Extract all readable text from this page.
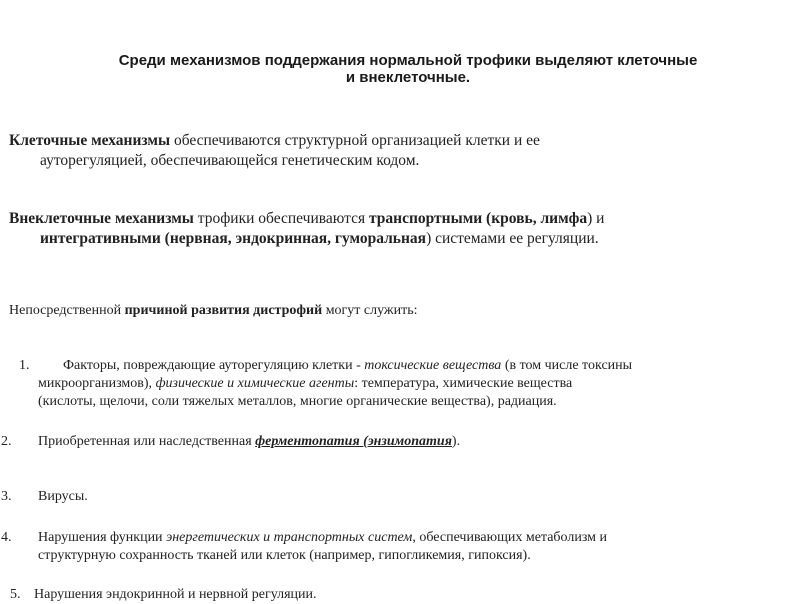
Среди механизмов поддержания нормальной трофики выделяют клеточные
и внеклеточные.
Клеточные механизмы обеспечиваются структурной организацией клетки и ее
ауторегуляцией, обеспечивающейся генетическим кодом.
Внеклеточные механизмы трофики обеспечиваются транспортными (кровь, лимфа) и
интегративными (нервная, эндокринная, гуморальная) системами ее регуляции.
Непосредственной причиной развития дистрофий могут служить:
1.	Факторы, повреждающие ауторегуляцию клетки - токсические вещества (в том числе токсины
микроорганизмов), физические и химические агенты: температура, химические вещества
(кислоты, щелочи, соли тяжелых металлов, многие органические вещества), радиация.
2.	Приобретенная или наследственная ферментопатия (энзимопатия).
3.	Вирусы.
4.	Нарушения функции энергетических и транспортных систем, обеспечивающих метаболизм и
структурную сохранность тканей или клеток (например, гипогликемия, гипоксия).
5. Нарушения эндокринной и нервной регуляции.
